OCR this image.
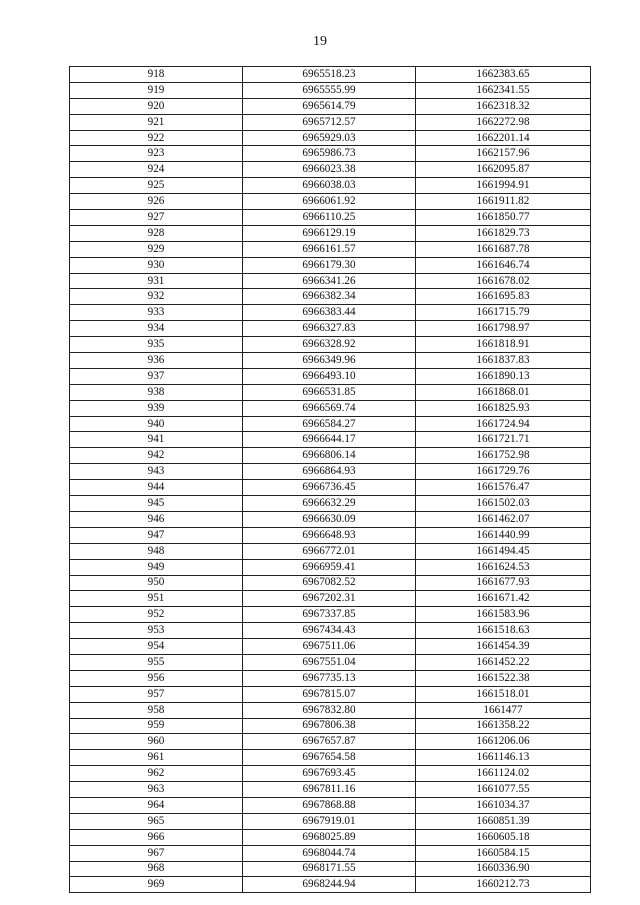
19
918	6965518.23	1662383.65
919	6965555.99	1662341.55
920	6965614.79	1662318.32
921	6965712.57	1662272.98
922	6965929.03	1662201.14
923	6965986.73	1662157.96
924	6966023.38	1662095.87
925	6966038.03	1661994.91
926	6966061.92	1661911.82
927	6966110.25	1661850.77
928	6966129.19	1661829.73
929	6966161.57	1661687.78
930	6966179.30	1661646.74
931	6966341.26	1661678.02
932	6966382.34	1661695.83
933	6966383.44	1661715.79
934	6966327.83	1661798.97
935	6966328.92	1661818.91
936	6966349.96	1661837.83
937	6966493.10	1661890.13
938	6966531.85	1661868.01
939	6966569.74	1661825.93
940	6966584.27	1661724.94
941	6966644.17	1661721.71
942	6966806.14	1661752.98
943	6966864.93	1661729.76
944	6966736.45	1661576.47
945	6966632.29	1661502.03
946	6966630.09	1661462.07
947	6966648.93	1661440.99
948	6966772.01	1661494.45
949	6966959.41	1661624.53
950	6967082.52	1661677.93
951	6967202.31	1661671.42
952	6967337.85	1661583.96
953	6967434.43	1661518.63
954	6967511.06	1661454.39
955	6967551.04	1661452.22
956	6967735.13	1661522.38
957	6967815.07	1661518.01
958	6967832.80	1661477
959	6967806.38	1661358.22
960	6967657.87	1661206.06
961	6967654.58	1661146.13
962	6967693.45	1661124.02
963	6967811.16	1661077.55
964	6967868.88	1661034.37
965	6967919.01	1660851.39
966	6968025.89	1660605.18
967	6968044.74	1660584.15
968	6968171.55	1660336.90
969	6968244.94	1660212.73
